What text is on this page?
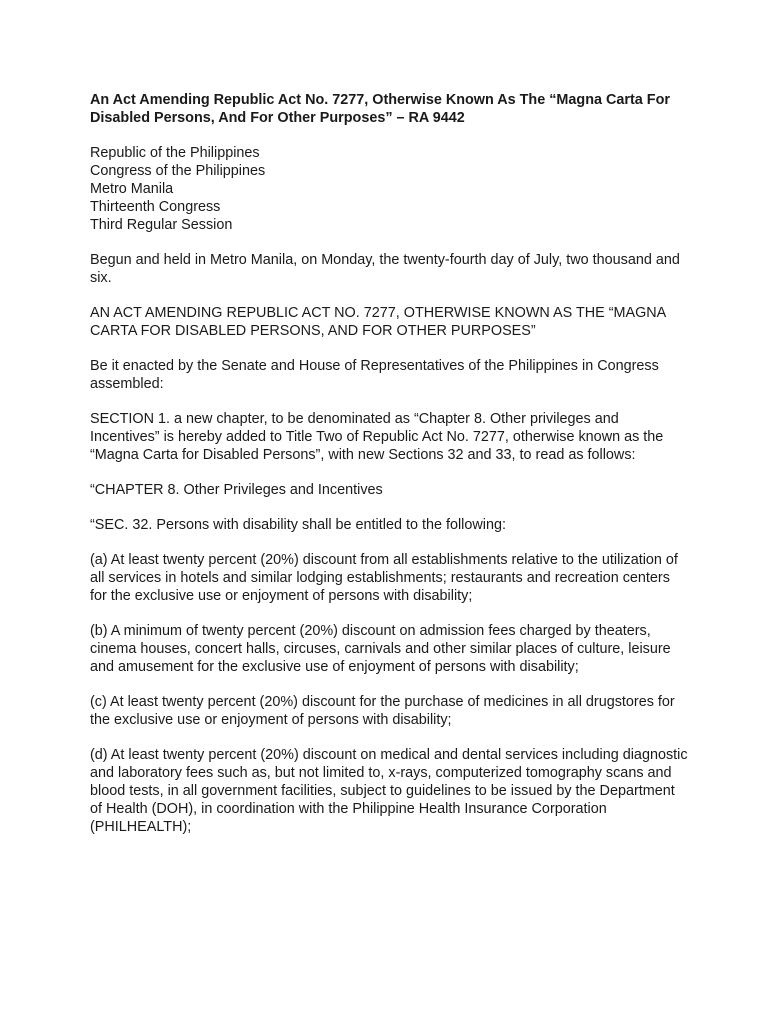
An Act Amending Republic Act No. 7277, Otherwise Known As The “Magna Carta For Disabled Persons, And For Other Purposes” – RA 9442
Republic of the Philippines
Congress of the Philippines
Metro Manila
Thirteenth Congress
Third Regular Session

Begun and held in Metro Manila, on Monday, the twenty-fourth day of July, two thousand and six.

AN ACT AMENDING REPUBLIC ACT NO. 7277, OTHERWISE KNOWN AS THE “MAGNA CARTA FOR DISABLED PERSONS, AND FOR OTHER PURPOSES”

Be it enacted by the Senate and House of Representatives of the Philippines in Congress assembled:

SECTION 1. a new chapter, to be denominated as “Chapter 8. Other privileges and Incentives” is hereby added to Title Two of Republic Act No. 7277, otherwise known as the “Magna Carta for Disabled Persons”, with new Sections 32 and 33, to read as follows:

“CHAPTER 8. Other Privileges and Incentives

“SEC. 32. Persons with disability shall be entitled to the following:

(a) At least twenty percent (20%) discount from all establishments relative to the utilization of all services in hotels and similar lodging establishments; restaurants and recreation centers for the exclusive use or enjoyment of persons with disability;

(b) A minimum of twenty percent (20%) discount on admission fees charged by theaters, cinema houses, concert halls, circuses, carnivals and other similar places of culture, leisure and amusement for the exclusive use of enjoyment of persons with disability;

(c) At least twenty percent (20%) discount for the purchase of medicines in all drugstores for the exclusive use or enjoyment of persons with disability;

(d) At least twenty percent (20%) discount on medical and dental services including diagnostic and laboratory fees such as, but not limited to, x-rays, computerized tomography scans and blood tests, in all government facilities, subject to guidelines to be issued by the Department of Health (DOH), in coordination with the Philippine Health Insurance Corporation (PHILHEALTH);
